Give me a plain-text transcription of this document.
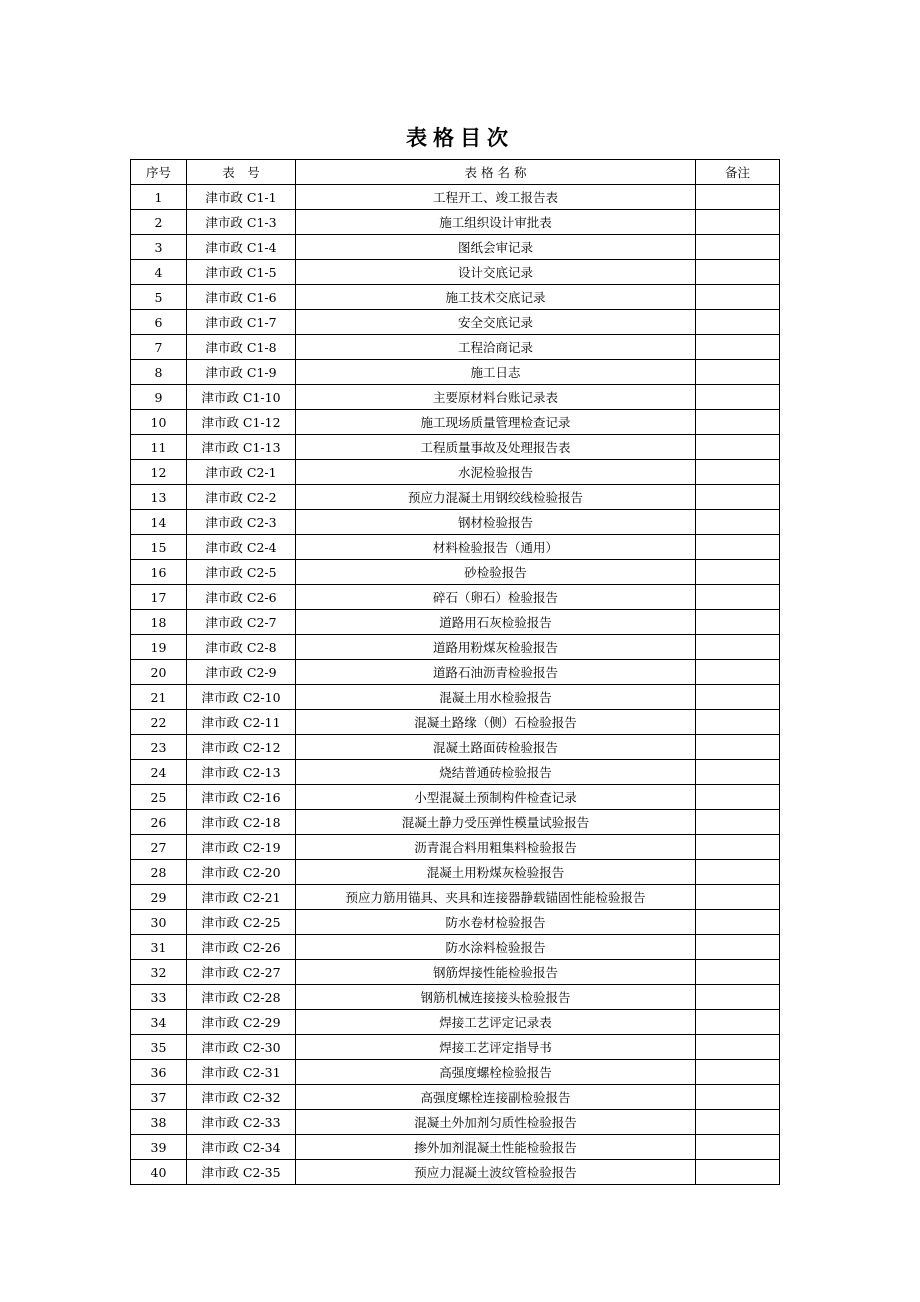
表格目次
序号	表　号	表 格 名 称	备注
1	津市政 C1-1	工程开工、竣工报告表	
2	津市政 C1-3	施工组织设计审批表	
3	津市政 C1-4	图纸会审记录	
4	津市政 C1-5	设计交底记录	
5	津市政 C1-6	施工技术交底记录	
6	津市政 C1-7	安全交底记录	
7	津市政 C1-8	工程洽商记录	
8	津市政 C1-9	施工日志	
9	津市政 C1-10	主要原材料台账记录表	
10	津市政 C1-12	施工现场质量管理检查记录	
11	津市政 C1-13	工程质量事故及处理报告表	
12	津市政 C2-1	水泥检验报告	
13	津市政 C2-2	预应力混凝土用钢绞线检验报告	
14	津市政 C2-3	钢材检验报告	
15	津市政 C2-4	材料检验报告（通用）	
16	津市政 C2-5	砂检验报告	
17	津市政 C2-6	碎石（卵石）检验报告	
18	津市政 C2-7	道路用石灰检验报告	
19	津市政 C2-8	道路用粉煤灰检验报告	
20	津市政 C2-9	道路石油沥青检验报告	
21	津市政 C2-10	混凝土用水检验报告	
22	津市政 C2-11	混凝土路缘（侧）石检验报告	
23	津市政 C2-12	混凝土路面砖检验报告	
24	津市政 C2-13	烧结普通砖检验报告	
25	津市政 C2-16	小型混凝土预制构件检查记录	
26	津市政 C2-18	混凝土静力受压弹性模量试验报告	
27	津市政 C2-19	沥青混合料用粗集料检验报告	
28	津市政 C2-20	混凝土用粉煤灰检验报告	
29	津市政 C2-21	预应力筋用锚具、夹具和连接器静载锚固性能检验报告	
30	津市政 C2-25	防水卷材检验报告	
31	津市政 C2-26	防水涂料检验报告	
32	津市政 C2-27	钢筋焊接性能检验报告	
33	津市政 C2-28	钢筋机械连接接头检验报告	
34	津市政 C2-29	焊接工艺评定记录表	
35	津市政 C2-30	焊接工艺评定指导书	
36	津市政 C2-31	高强度螺栓检验报告	
37	津市政 C2-32	高强度螺栓连接副检验报告	
38	津市政 C2-33	混凝土外加剂匀质性检验报告	
39	津市政 C2-34	掺外加剂混凝土性能检验报告	
40	津市政 C2-35	预应力混凝土波纹管检验报告	
